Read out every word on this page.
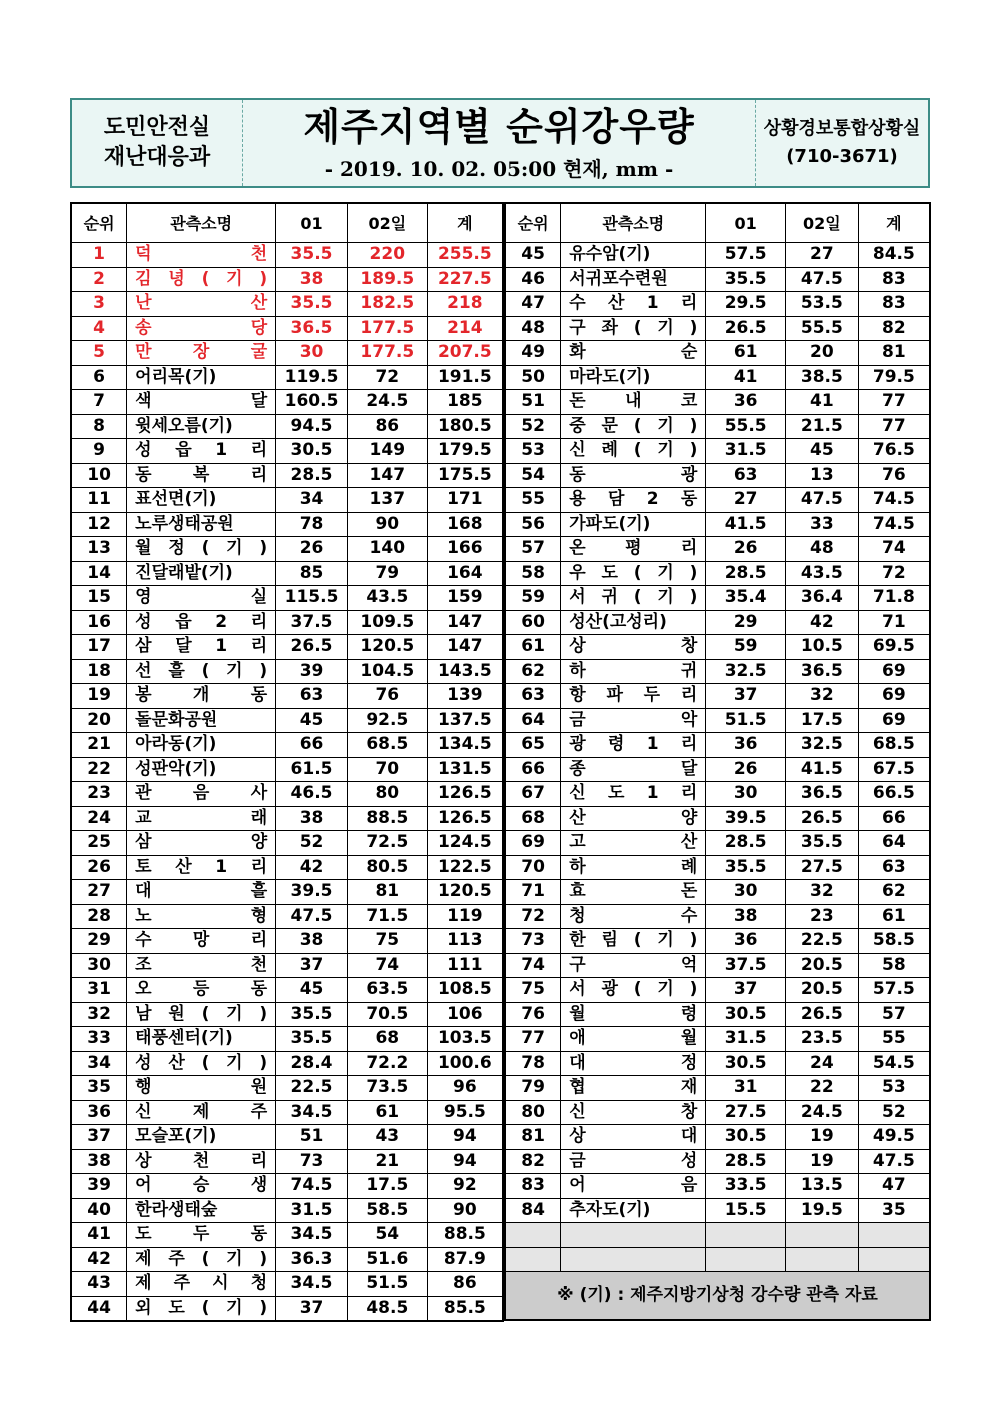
도민안전실
재난대응과
제주지역별 순위강우량
- 2019. 10. 02. 05:00 현재, mm -
상황경보통합상황실
(710-3671)
순위	관측소명	01	02일	계
1	덕 천	35.5	220	255.5
2	김 녕 ( 기 )	38	189.5	227.5
3	난 산	35.5	182.5	218
4	송 당	36.5	177.5	214
5	만 장 굴	30	177.5	207.5
6	어리목(기)	119.5	72	191.5
7	색 달	160.5	24.5	185
8	윗세오름(기)	94.5	86	180.5
9	성 읍 1 리	30.5	149	179.5
10	동 복 리	28.5	147	175.5
11	표선면(기)	34	137	171
12	노루생태공원	78	90	168
13	월 정 ( 기 )	26	140	166
14	진달래밭(기)	85	79	164
15	영 실	115.5	43.5	159
16	성 읍 2 리	37.5	109.5	147
17	삼 달 1 리	26.5	120.5	147
18	선 흘 ( 기 )	39	104.5	143.5
19	봉 개 동	63	76	139
20	돌문화공원	45	92.5	137.5
21	아라동(기)	66	68.5	134.5
22	성판악(기)	61.5	70	131.5
23	관 음 사	46.5	80	126.5
24	교 래	38	88.5	126.5
25	삼 양	52	72.5	124.5
26	토 산 1 리	42	80.5	122.5
27	대 흘	39.5	81	120.5
28	노 형	47.5	71.5	119
29	수 망 리	38	75	113
30	조 천	37	74	111
31	오 등 동	45	63.5	108.5
32	남 원 ( 기 )	35.5	70.5	106
33	태풍센터(기)	35.5	68	103.5
34	성 산 ( 기 )	28.4	72.2	100.6
35	행 원	22.5	73.5	96
36	신 제 주	34.5	61	95.5
37	모슬포(기)	51	43	94
38	상 천 리	73	21	94
39	어 승 생	74.5	17.5	92
40	한라생태숲	31.5	58.5	90
41	도 두 동	34.5	54	88.5
42	제 주 ( 기 )	36.3	51.6	87.9
43	제 주 시 청	34.5	51.5	86
44	외 도 ( 기 )	37	48.5	85.5
순위	관측소명	01	02일	계
45	유수암(기)	57.5	27	84.5
46	서귀포수련원	35.5	47.5	83
47	수 산 1 리	29.5	53.5	83
48	구 좌 ( 기 )	26.5	55.5	82
49	화 순	61	20	81
50	마라도(기)	41	38.5	79.5
51	돈 내 코	36	41	77
52	중 문 ( 기 )	55.5	21.5	77
53	신 례 ( 기 )	31.5	45	76.5
54	동 광	63	13	76
55	용 담 2 동	27	47.5	74.5
56	가파도(기)	41.5	33	74.5
57	온 평 리	26	48	74
58	우 도 ( 기 )	28.5	43.5	72
59	서 귀 ( 기 )	35.4	36.4	71.8
60	성산(고성리)	29	42	71
61	상 창	59	10.5	69.5
62	하 귀	32.5	36.5	69
63	항 파 두 리	37	32	69
64	금 악	51.5	17.5	69
65	광 령 1 리	36	32.5	68.5
66	종 달	26	41.5	67.5
67	신 도 1 리	30	36.5	66.5
68	산 양	39.5	26.5	66
69	고 산	28.5	35.5	64
70	하 례	35.5	27.5	63
71	효 돈	30	32	62
72	청 수	38	23	61
73	한 림 ( 기 )	36	22.5	58.5
74	구 억	37.5	20.5	58
75	서 광 ( 기 )	37	20.5	57.5
76	월 령	30.5	26.5	57
77	애 월	31.5	23.5	55
78	대 정	30.5	24	54.5
79	협 재	31	22	53
80	신 창	27.5	24.5	52
81	상 대	30.5	19	49.5
82	금 성	28.5	19	47.5
83	어 음	33.5	13.5	47
84	추자도(기)	15.5	19.5	35

※ (기) : 제주지방기상청 강수량 관측 자료				
